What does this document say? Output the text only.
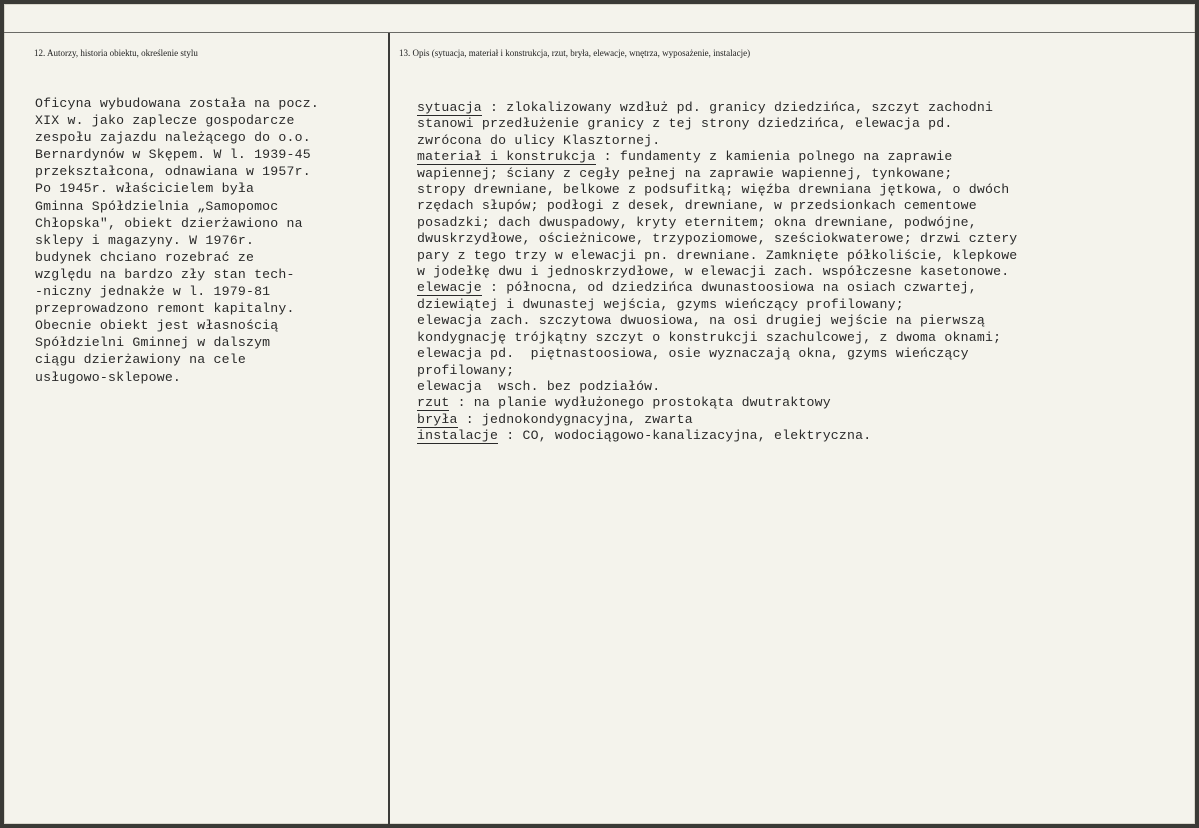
12. Autorzy, historia obiektu, określenie stylu	13. Opis (sytuacja, materiał i konstrukcja, rzut, bryła, elewacje, wnętrza, wyposażenie, instalacje)
Oficyna wybudowana została na pocz.
XIX w. jako zaplecze gospodarcze
zespołu zajazdu należącego do o.o.
Bernardynów w Skępem. W l. 1939-45
przekształcona, odnawiana w 1957r.
Po 1945r. właścicielem była
Gminna Spółdzielnia „Samopomoc
Chłopska", obiekt dzierżawiono na
sklepy i magazyny. W 1976r.
budynek chciano rozebrać ze
względu na bardzo zły stan tech-
-niczny jednakże w l. 1979-81
przeprowadzono remont kapitalny.
Obecnie obiekt jest własnością
Spółdzielni Gminnej w dalszym
ciągu dzierżawiony na cele
usługowo-sklepowe.
sytuacja : zlokalizowany wzdłuż pd. granicy dziedzińca, szczyt zachodni
stanowi przedłużenie granicy z tej strony dziedzińca, elewacja pd.
zwrócona do ulicy Klasztornej.
materiał i konstrukcja : fundamenty z kamienia polnego na zaprawie
wapiennej; ściany z cegły pełnej na zaprawie wapiennej, tynkowane;
stropy drewniane, belkowe z podsufitką; więźba drewniana jętkowa, o dwóch
rzędach słupów; podłogi z desek, drewniane, w przedsionkach cementowe
posadzki; dach dwuspadowy, kryty eternitem; okna drewniane, podwójne,
dwuskrzydłowe, ościeżnicowe, trzypoziomowe, sześciokwaterowe; drzwi cztery
pary z tego trzy w elewacji pn. drewniane. Zamknięte półkoliście, klepkowe
w jodełkę dwu i jednoskrzydłowe, w elewacji zach. współczesne kasetonowe.
elewacje : północna, od dziedzińca dwunastoosiowa na osiach czwartej,
dziewiątej i dwunastej wejścia, gzyms wieńczący profilowany;
elewacja zach. szczytowa dwuosiowa, na osi drugiej wejście na pierwszą
kondygnację trójkątny szczyt o konstrukcji szachulcowej, z dwoma oknami;
elewacja pd.  piętnastoosiowa, osie wyznaczają okna, gzyms wieńczący
profilowany;
elewacja  wsch. bez podziałów.
rzut : na planie wydłużonego prostokąta dwutraktowy
bryła : jednokondygnacyjna, zwarta
instalacje : CO, wodociągowo-kanalizacyjna, elektryczna.
